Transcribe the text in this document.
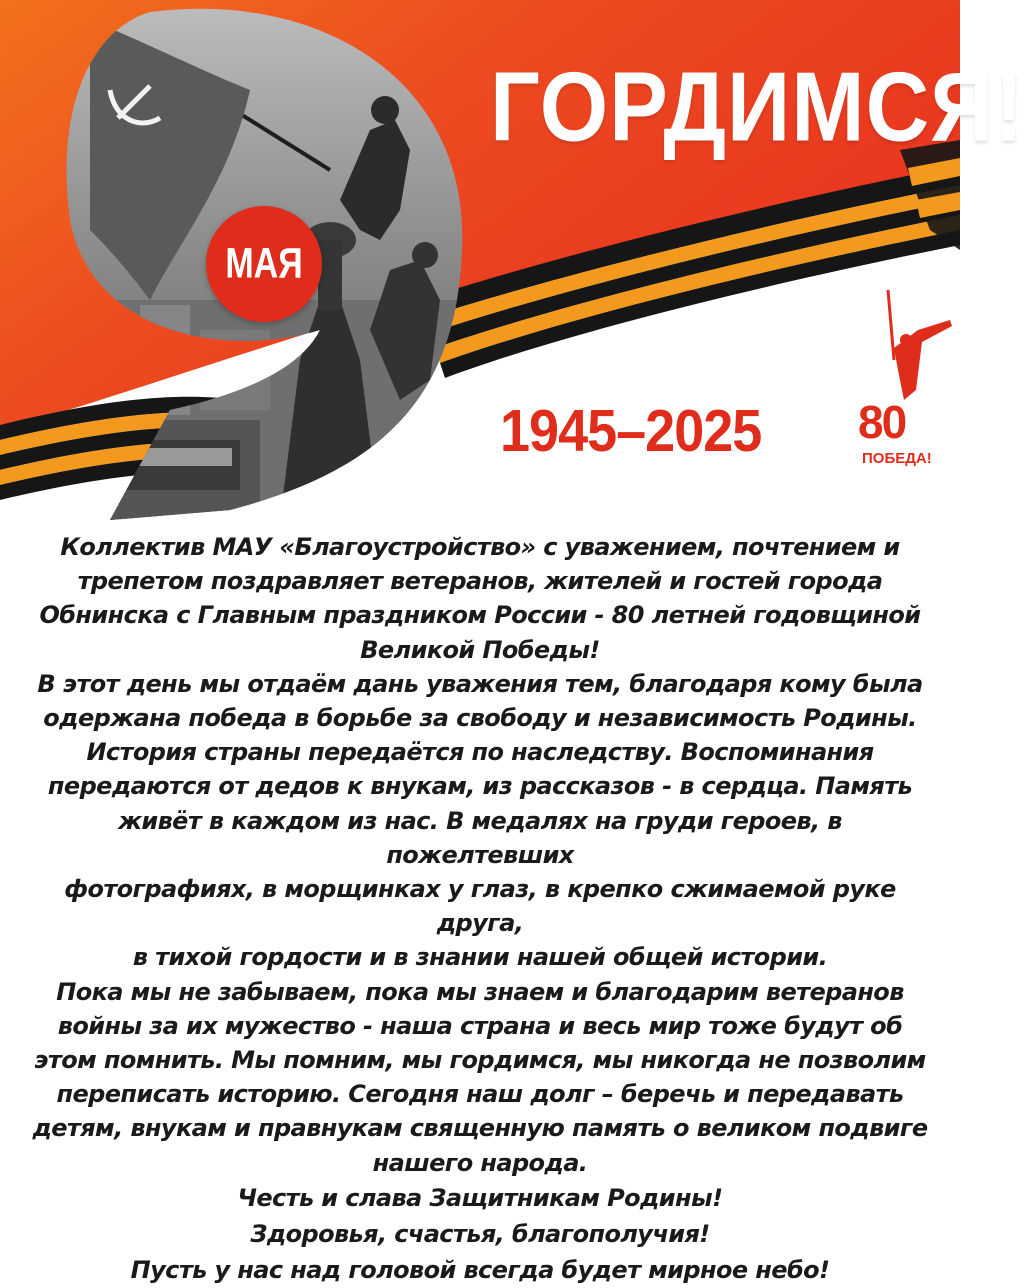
ГОРДИМСЯ!
МАЯ
1945–2025 80
ПОБЕДА!

Коллектив МАУ «Благоустройство» с уважением, почтением и
трепетом поздравляет ветеранов, жителей и гостей города
Обнинска с Главным праздником России - 80 летней годовщиной
Великой Победы!

В этот день мы отдаём дань уважения тем, благодаря кому была
одержана победа в борьбе за свободу и независимость Родины.
История страны передаётся по наследству. Воспоминания
передаются от дедов к внукам, из рассказов - в сердца. Память
живёт в каждом из нас. В медалях на груди героев, в пожелтевших
фотографиях, в морщинках у глаз, в крепко сжимаемой руке друга,
в тихой гордости и в знании нашей общей истории.

Пока мы не забываем, пока мы знаем и благодарим ветеранов
войны за их мужество - наша страна и весь мир тоже будут об
этом помнить. Мы помним, мы гордимся, мы никогда не позволим
переписать историю. Сегодня наш долг – беречь и передавать
детям, внукам и правнукам священную память о великом подвиге
нашего народа.

Честь и слава Защитникам Родины!
Здоровья, счастья, благополучия!
Пусть у нас над головой всегда будет мирное небо!
